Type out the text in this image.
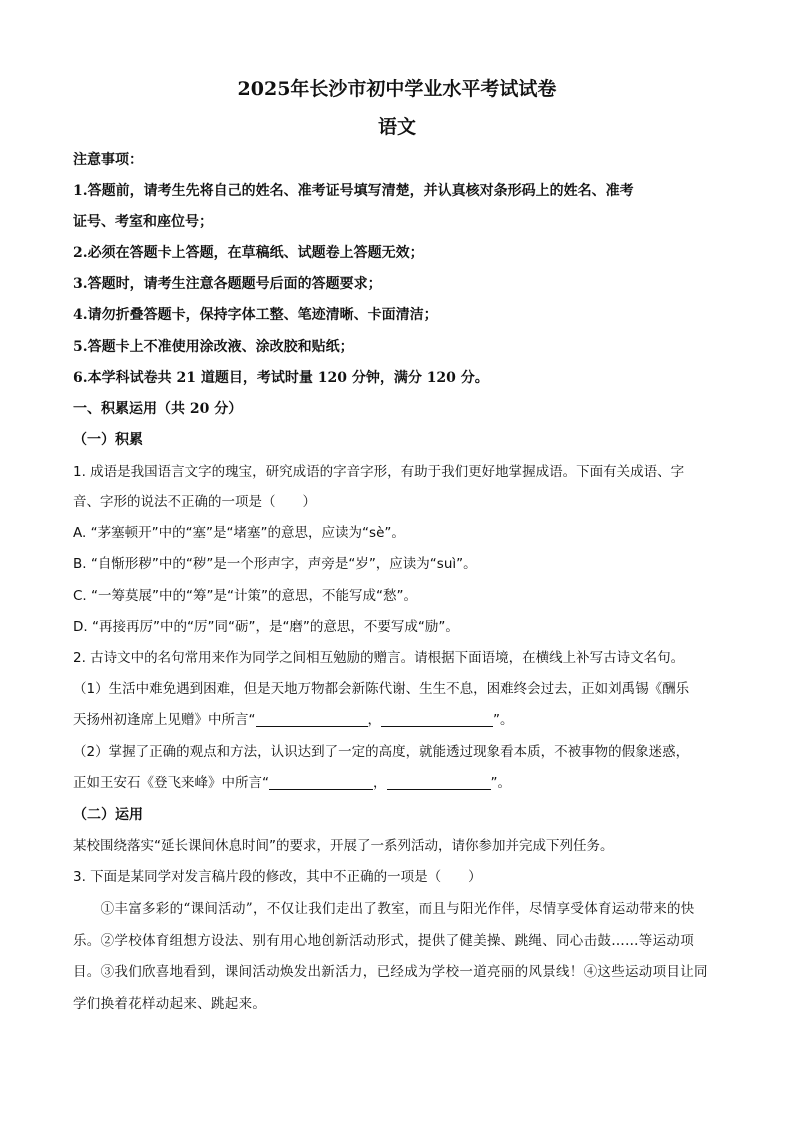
2025年长沙市初中学业水平考试试卷
语文
注意事项：
1.答题前，请考生先将自己的姓名、准考证号填写清楚，并认真核对条形码上的姓名、准考
证号、考室和座位号；
2.必须在答题卡上答题，在草稿纸、试题卷上答题无效；
3.答题时，请考生注意各题题号后面的答题要求；
4.请勿折叠答题卡，保持字体工整、笔迹清晰、卡面清洁；
5.答题卡上不准使用涂改液、涂改胶和贴纸；
6.本学科试卷共 21 道题目，考试时量 120 分钟，满分 120 分。
一、积累运用（共 20 分）
（一）积累
1. 成语是我国语言文字的瑰宝，研究成语的字音字形，有助于我们更好地掌握成语。下面有关成语、字
音、字形的说法不正确的一项是（　　）
A. “茅塞顿开”中的“塞”是“堵塞”的意思，应读为“sè”。
B. “自惭形秽”中的“秽”是一个形声字，声旁是“岁”，应读为“suì”。
C. “一筹莫展”中的“筹”是“计策”的意思，不能写成“愁”。
D. “再接再厉”中的“厉”同“砺”，是“磨”的意思，不要写成“励”。
2. 古诗文中的名句常用来作为同学之间相互勉励的赠言。请根据下面语境，在横线上补写古诗文名句。
（1）生活中难免遇到困难，但是天地万物都会新陈代谢、生生不息，困难终会过去，正如刘禹锡《酬乐
天扬州初逢席上见赠》中所言“	，	”。
（2）掌握了正确的观点和方法，认识达到了一定的高度，就能透过现象看本质，不被事物的假象迷惑，
正如王安石《登飞来峰》中所言“	，	”。
（二）运用
某校围绕落实“延长课间休息时间”的要求，开展了一系列活动，请你参加并完成下列任务。
3. 下面是某同学对发言稿片段的修改，其中不正确的一项是（　　）
　　①丰富多彩的“课间活动”，不仅让我们走出了教室，而且与阳光作伴，尽情享受体育运动带来的快
乐。②学校体育组想方设法、别有用心地创新活动形式，提供了健美操、跳绳、同心击鼓……等运动项
目。③我们欣喜地看到，课间活动焕发出新活力，已经成为学校一道亮丽的风景线！④这些运动项目让同
学们换着花样动起来、跳起来。
